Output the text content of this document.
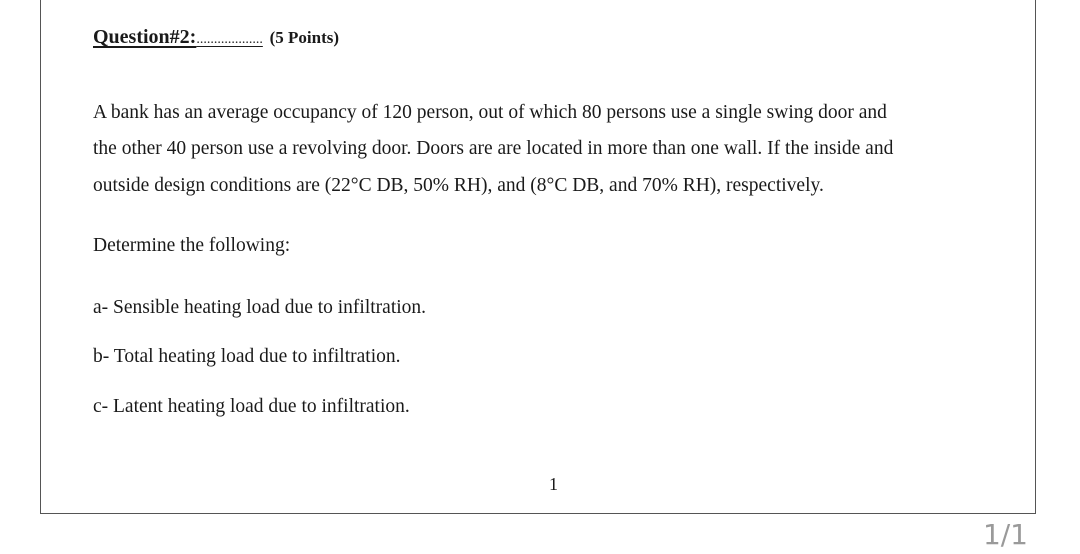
Question#2:................... (5 Points)
A bank has an average occupancy of 120 person, out of which 80 persons use a single swing door and
the other 40 person use a revolving door. Doors are are located in more than one wall. If the inside and
outside design conditions are (22°C DB, 50% RH), and (8°C DB, and 70% RH), respectively.
Determine the following:
a- Sensible heating load due to infiltration.
b- Total heating load due to infiltration.
c- Latent heating load due to infiltration.
1
1/1
